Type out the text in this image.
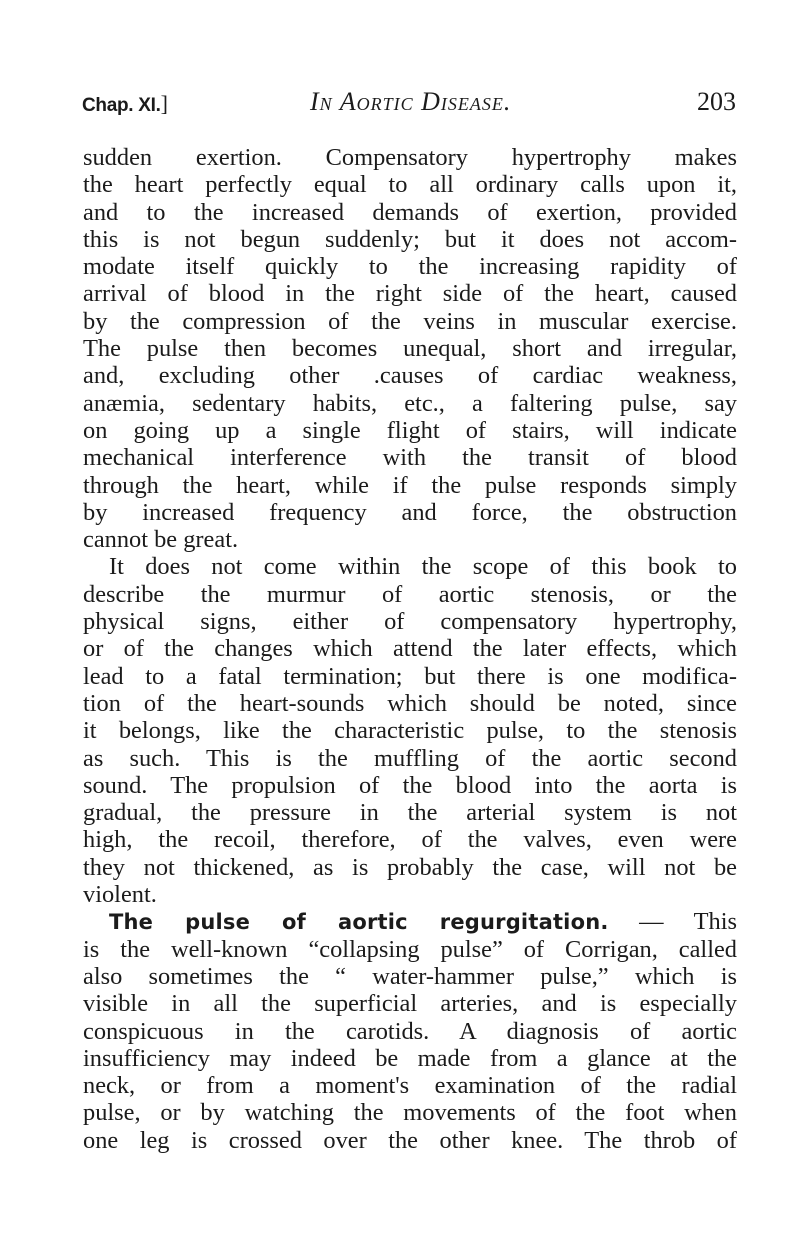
Chap. XI.]	In Aortic Disease.	203
sudden exertion. Compensatory hypertrophy makes
the heart perfectly equal to all ordinary calls upon it,
and to the increased demands of exertion, provided
this is not begun suddenly; but it does not accom-
modate itself quickly to the increasing rapidity of
arrival of blood in the right side of the heart, caused
by the compression of the veins in muscular exercise.
The pulse then becomes unequal, short and irregular,
and, excluding other .causes of cardiac weakness,
anæmia, sedentary habits, etc., a faltering pulse, say
on going up a single flight of stairs, will indicate
mechanical interference with the transit of blood
through the heart, while if the pulse responds simply
by increased frequency and force, the obstruction
cannot be great.
It does not come within the scope of this book to
describe the murmur of aortic stenosis, or the
physical signs, either of compensatory hypertrophy,
or of the changes which attend the later effects, which
lead to a fatal termination; but there is one modifica-
tion of the heart-sounds which should be noted, since
it belongs, like the characteristic pulse, to the stenosis
as such. This is the muffling of the aortic second
sound. The propulsion of the blood into the aorta is
gradual, the pressure in the arterial system is not
high, the recoil, therefore, of the valves, even were
they not thickened, as is probably the case, will not be
violent.
The pulse of aortic regurgitation. — This
is the well-known “collapsing pulse” of Corrigan, called
also sometimes the “ water-hammer pulse,” which is
visible in all the superficial arteries, and is especially
conspicuous in the carotids. A diagnosis of aortic
insufficiency may indeed be made from a glance at the
neck, or from a moment's examination of the radial
pulse, or by watching the movements of the foot when
one leg is crossed over the other knee. The throb of
